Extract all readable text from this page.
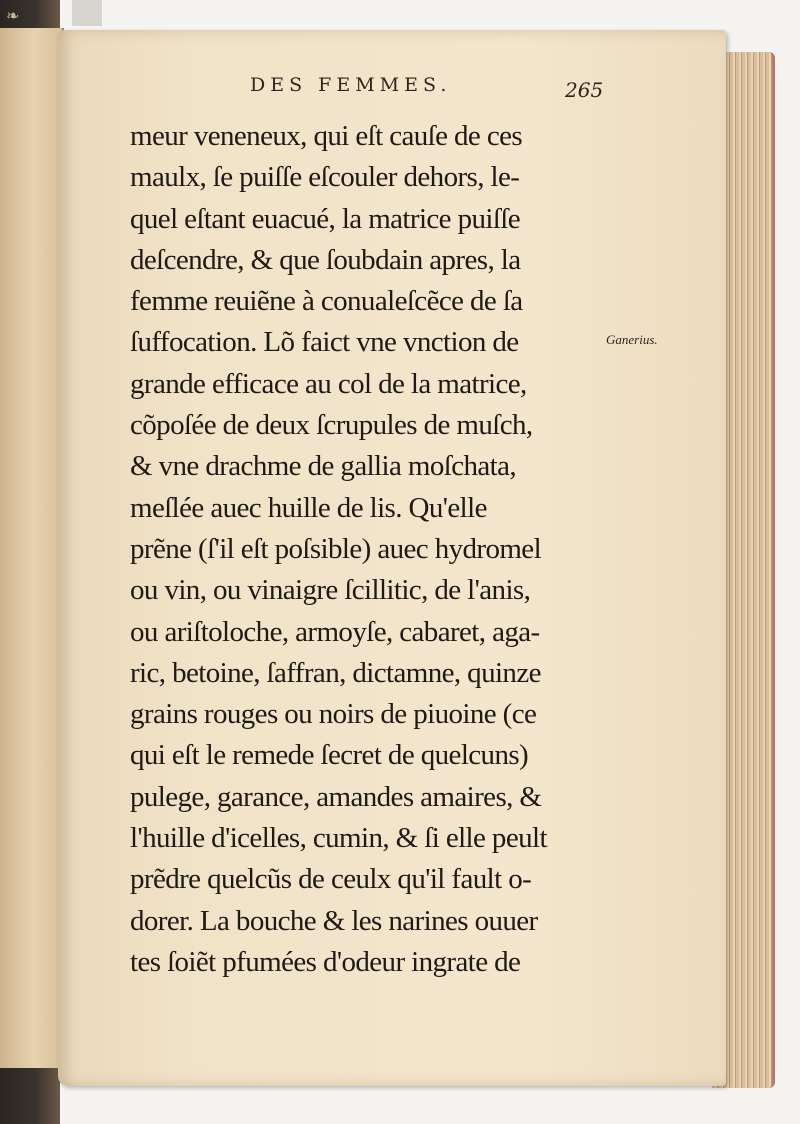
❧
DES FEMMES.	265
Ganerius.
meur veneneux, qui eſt cauſe de ces
maulx, ſe puiſſe eſcouler dehors, le-
quel eſtant euacué, la matrice puiſſe
deſcendre, & que ſoubdain apres, la
femme reuiẽne à conualeſcẽce de ſa
ſuffocation. Lõ faict vne vnction de
grande efficace au col de la matrice,
cõpoſée de deux ſcrupules de muſch,
& vne drachme de gallia moſchata,
meſlée auec huille de lis. Qu'elle
prẽne (ſ'il eſt poſsible) auec hydromel
ou vin, ou vinaigre ſcillitic, de l'anis,
ou ariſtoloche, armoyſe, cabaret, aga-
ric, betoine, ſaffran, dictamne, quinze
grains rouges ou noirs de piuoine (ce
qui eſt le remede ſecret de quelcuns)
pulege, garance, amandes amaires, &
l'huille d'icelles, cumin, & ſi elle peult
prẽdre quelcũs de ceulx qu'il fault o-
dorer. La bouche & les narines ouuer
tes ſoiẽt pfumées d'odeur ingrate de
